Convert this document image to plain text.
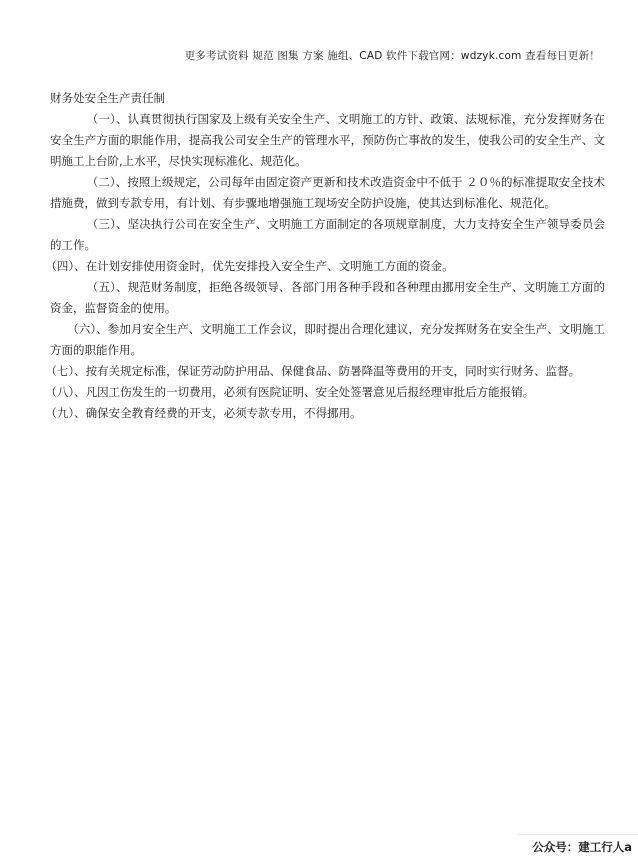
更多考试资料 规范 图集 方案 施组、CAD 软件下载官网：wdzyk.com 查看每日更新！
财务处安全生产责任制

（一）、认真贯彻执行国家及上级有关安全生产、文明施工的方针、政策、法规标准，充分发挥财务在安全生产方面的职能作用，提高我公司安全生产的管理水平，预防伤亡事故的发生，使我公司的安全生产、文明施工上台阶,上水平，尽快实现标准化、规范化。

（二）、按照上级规定，公司每年由固定资产更新和技术改造资金中不低于 ２０％的标准提取安全技术措施费，做到专款专用，有计划、有步骤地增强施工现场安全防护设施，使其达到标准化、规范化。

（三）、坚决执行公司在安全生产、文明施工方面制定的各项规章制度，大力支持安全生产领导委员会的工作。

（四）、在计划安排使用资金时，优先安排投入安全生产、文明施工方面的资金。

（五）、规范财务制度，拒绝各级领导、各部门用各种手段和各种理由挪用安全生产、文明施工方面的资金，监督资金的使用。

（六）、参加月安全生产、文明施工工作会议，即时提出合理化建议，充分发挥财务在安全生产、文明施工方面的职能作用。

（七）、按有关规定标准，保证劳动防护用品、保健食品、防暑降温等费用的开支，同时实行财务、监督。

（八）、凡因工伤发生的一切费用，必须有医院证明、安全处签署意见后报经理审批后方能报销。

（九）、确保安全教育经费的开支，必须专款专用，不得挪用。

公众号：建工行人a
